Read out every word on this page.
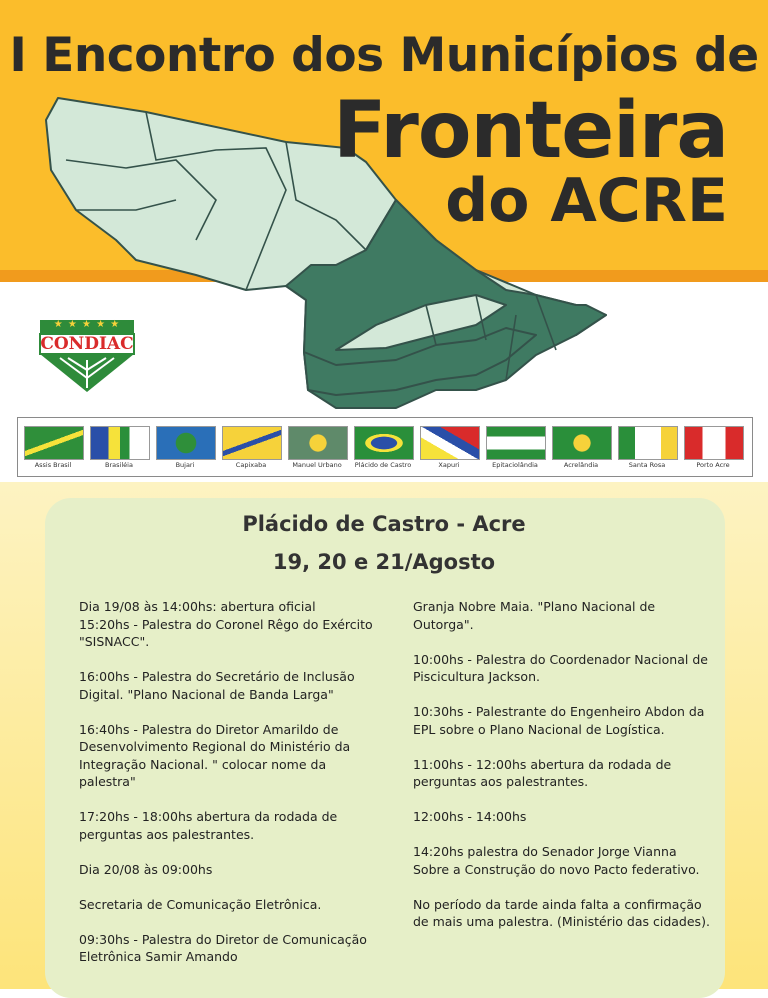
I Encontro dos Municípios de
Fronteira
do ACRE
★ ★ ★ ★ ★
CONDIAC
Assis Brasil	Brasiléia	Bujari	Capixaba	Manuel Urbano	Plácido de Castro	Xapuri	Epitaciolândia	Acrelândia	Santa Rosa	Porto Acre
Plácido de Castro - Acre
19, 20 e 21/Agosto

Dia 19/08 às 14:00hs: abertura oficial
15:20hs - Palestra do Coronel Rêgo do Exército "SISNACC".

16:00hs - Palestra do Secretário de Inclusão Digital. "Plano Nacional de Banda Larga"

16:40hs - Palestra do Diretor Amarildo de Desenvolvimento Regional do Ministério da Integração Nacional. " colocar nome da palestra"

17:20hs - 18:00hs abertura da rodada de perguntas aos palestrantes.

Dia 20/08 às 09:00hs

Secretaria de Comunicação Eletrônica.

09:30hs - Palestra do Diretor de Comunicação Eletrônica Samir Amando

Granja Nobre Maia. "Plano Nacional de Outorga".

10:00hs - Palestra do Coordenador Nacional de Piscicultura Jackson.

10:30hs - Palestrante do Engenheiro Abdon da EPL sobre o Plano Nacional de Logística.

11:00hs - 12:00hs abertura da rodada de perguntas aos palestrantes.

12:00hs - 14:00hs

14:20hs palestra do Senador Jorge Vianna Sobre a Construção do novo Pacto federativo.

No período da tarde ainda falta a confirmação de mais uma palestra. (Ministério das cidades).
